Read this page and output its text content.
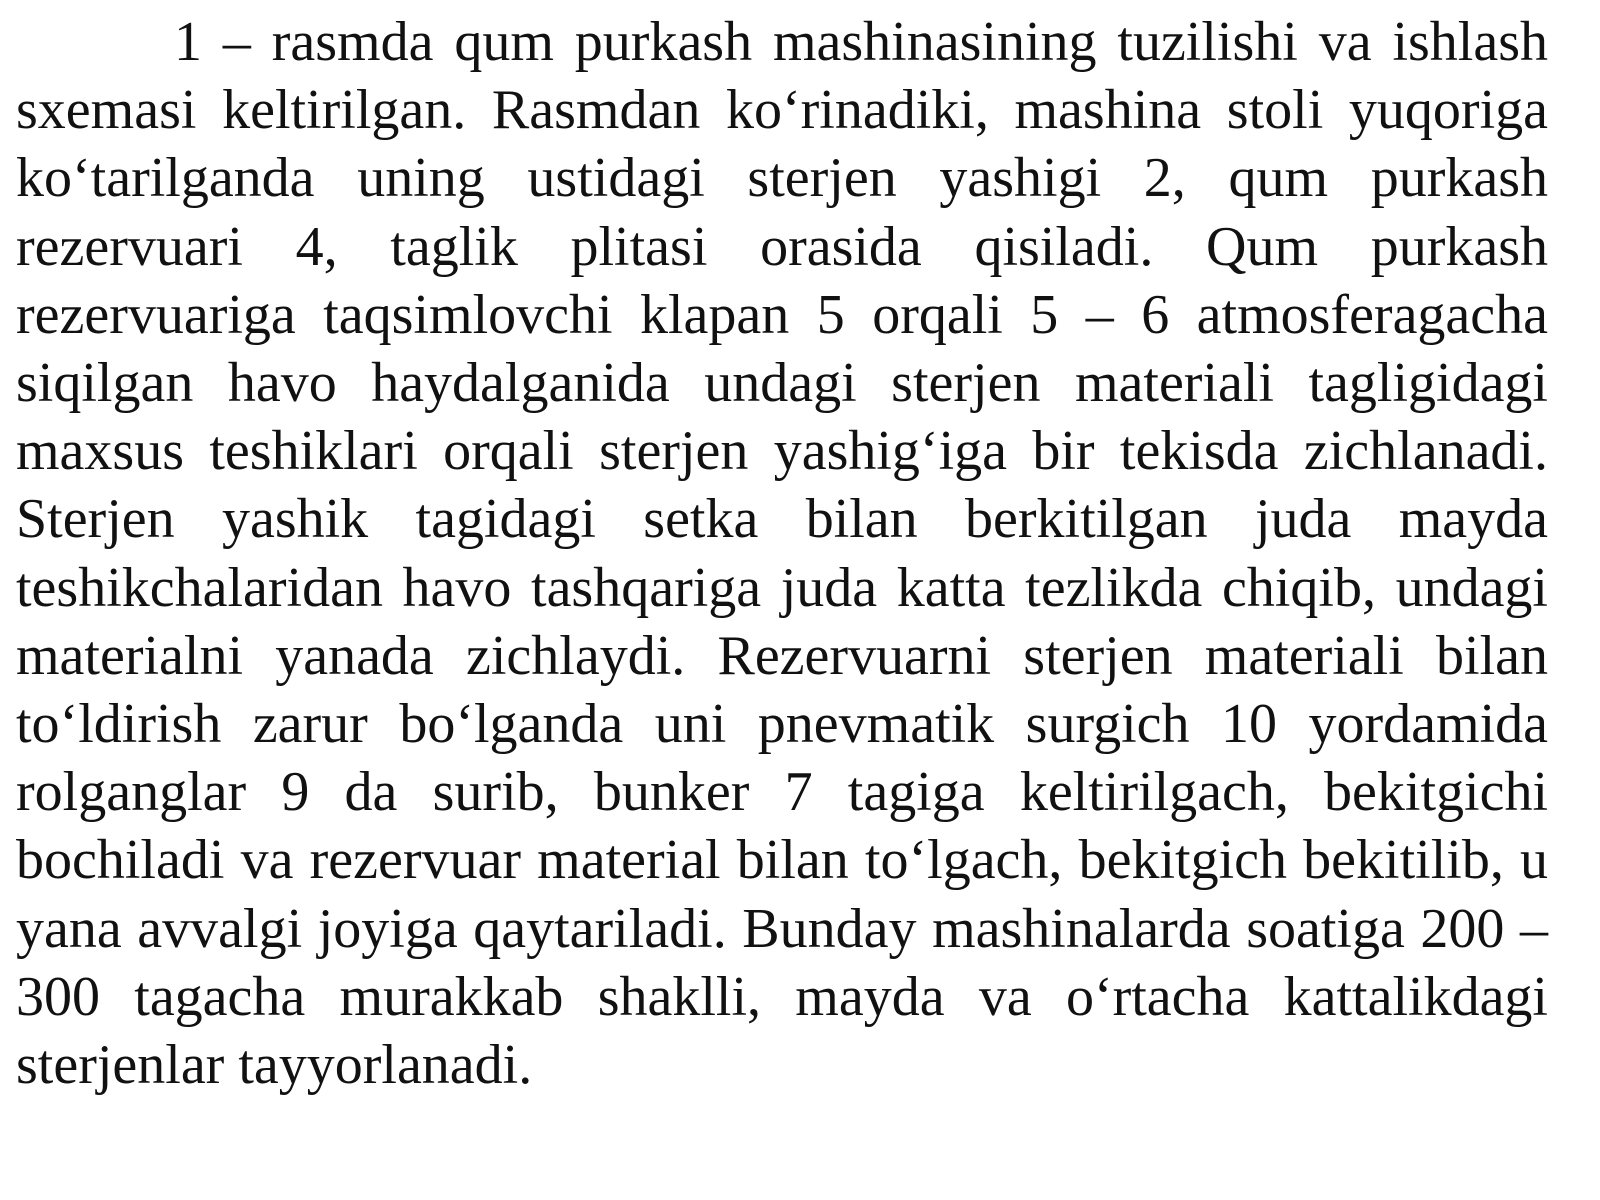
1 – rasmda qum purkash mashinasining tuzilishi va ishlash sxemasi keltirilgan. Rasmdan koʻrinadiki, mashina stoli yuqoriga koʻtarilganda uning ustidagi sterjen yashigi 2, qum purkash rezervuari 4, taglik plitasi orasida qisiladi. Qum purkash rezervuariga taqsimlovchi klapan 5 orqali 5 – 6 atmosferagacha siqilgan havo haydalganida undagi sterjen materiali tagligidagi maxsus teshiklari orqali sterjen yashigʻiga bir tekisda zichlanadi. Sterjen yashik tagidagi setka bilan berkitilgan juda mayda teshikchalaridan havo tashqariga juda katta tezlikda chiqib, undagi materialni yanada zichlaydi. Rezervuarni sterjen materiali bilan toʻldirish zarur boʻlganda uni pnevmatik surgich 10 yordamida rolganglar 9 da surib, bunker 7 tagiga keltirilgach, bekitgichi bochiladi va rezervuar material bilan toʻlgach, bekitgich bekitilib, u yana avvalgi joyiga qaytariladi. Bunday mashinalarda soatiga 200 – 300 tagacha murakkab shaklli, mayda va oʻrtacha kattalikdagi sterjenlar tayyorlanadi.
